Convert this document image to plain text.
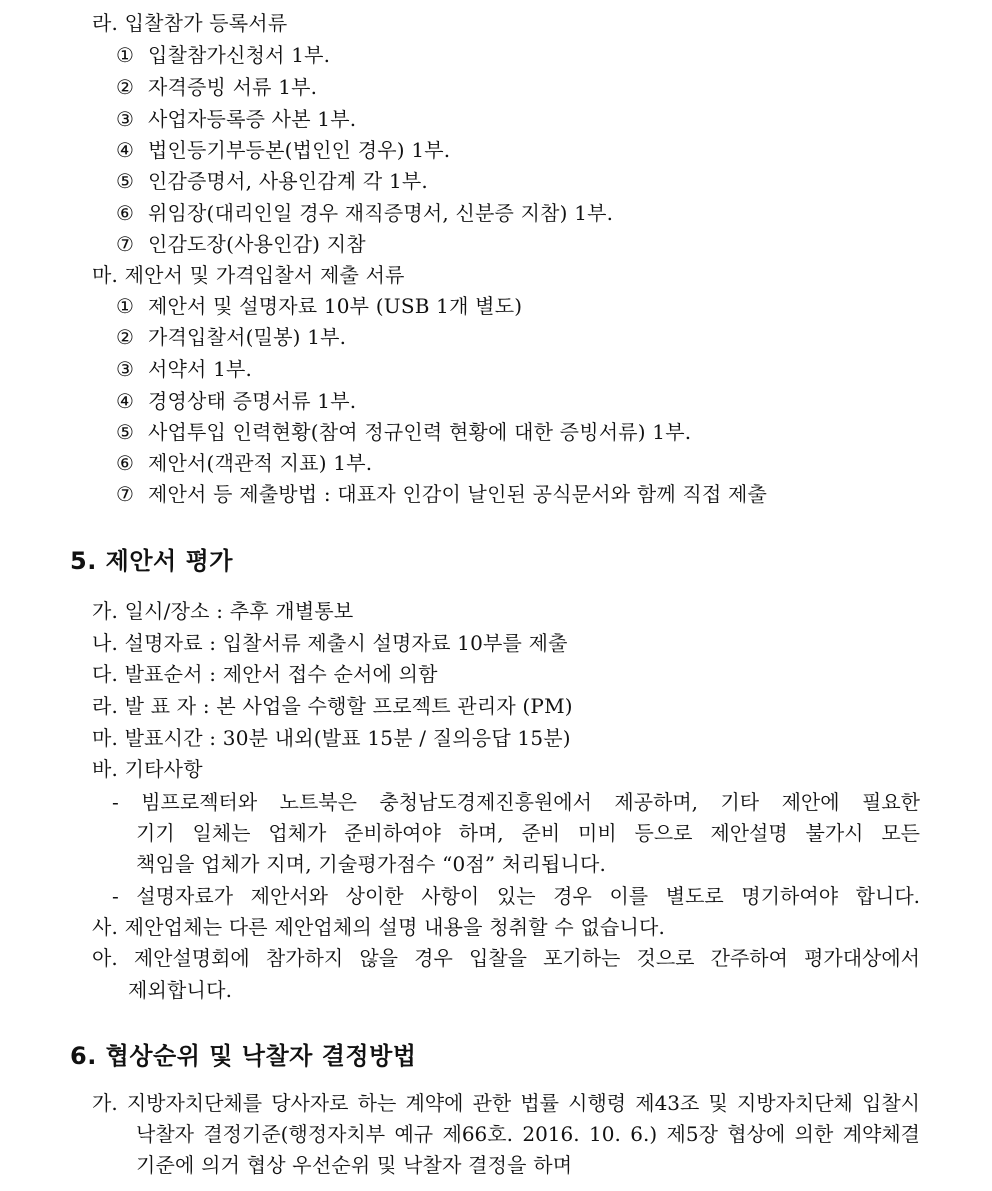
라. 입찰참가 등록서류
① 입찰참가신청서 1부.
② 자격증빙 서류 1부.
③ 사업자등록증 사본 1부.
④ 법인등기부등본(법인인 경우) 1부.
⑤ 인감증명서, 사용인감계 각 1부.
⑥ 위임장(대리인일 경우 재직증명서, 신분증 지참) 1부.
⑦ 인감도장(사용인감) 지참
마. 제안서 및 가격입찰서 제출 서류
① 제안서 및 설명자료 10부 (USB 1개 별도)
② 가격입찰서(밀봉) 1부.
③ 서약서 1부.
④ 경영상태 증명서류 1부.
⑤ 사업투입 인력현황(참여 정규인력 현황에 대한 증빙서류) 1부.
⑥ 제안서(객관적 지표) 1부.
⑦ 제안서 등 제출방법 : 대표자 인감이 날인된 공식문서와 함께 직접 제출
5. 제안서 평가
가. 일시/장소 : 추후 개별통보
나. 설명자료 : 입찰서류 제출시 설명자료 10부를 제출
다. 발표순서 : 제안서 접수 순서에 의함
라. 발 표 자 : 본 사업을 수행할 프로젝트 관리자 (PM)
마. 발표시간 : 30분 내외(발표 15분 / 질의응답 15분)
바. 기타사항
- 빔프로젝터와 노트북은 충청남도경제진흥원에서 제공하며, 기타 제안에 필요한
기기 일체는 업체가 준비하여야 하며, 준비 미비 등으로 제안설명 불가시 모든
책임을 업체가 지며, 기술평가점수 “0점” 처리됩니다.
- 설명자료가 제안서와 상이한 사항이 있는 경우 이를 별도로 명기하여야 합니다.
사. 제안업체는 다른 제안업체의 설명 내용을 청취할 수 없습니다.
아. 제안설명회에 참가하지 않을 경우 입찰을 포기하는 것으로 간주하여 평가대상에서
제외합니다.
6. 협상순위 및 낙찰자 결정방법
가. 지방자치단체를 당사자로 하는 계약에 관한 법률 시행령 제43조 및 지방자치단체 입찰시
낙찰자 결정기준(행정자치부 예규 제66호. 2016. 10. 6.) 제5장 협상에 의한 계약체결
기준에 의거 협상 우선순위 및 낙찰자 결정을 하며
